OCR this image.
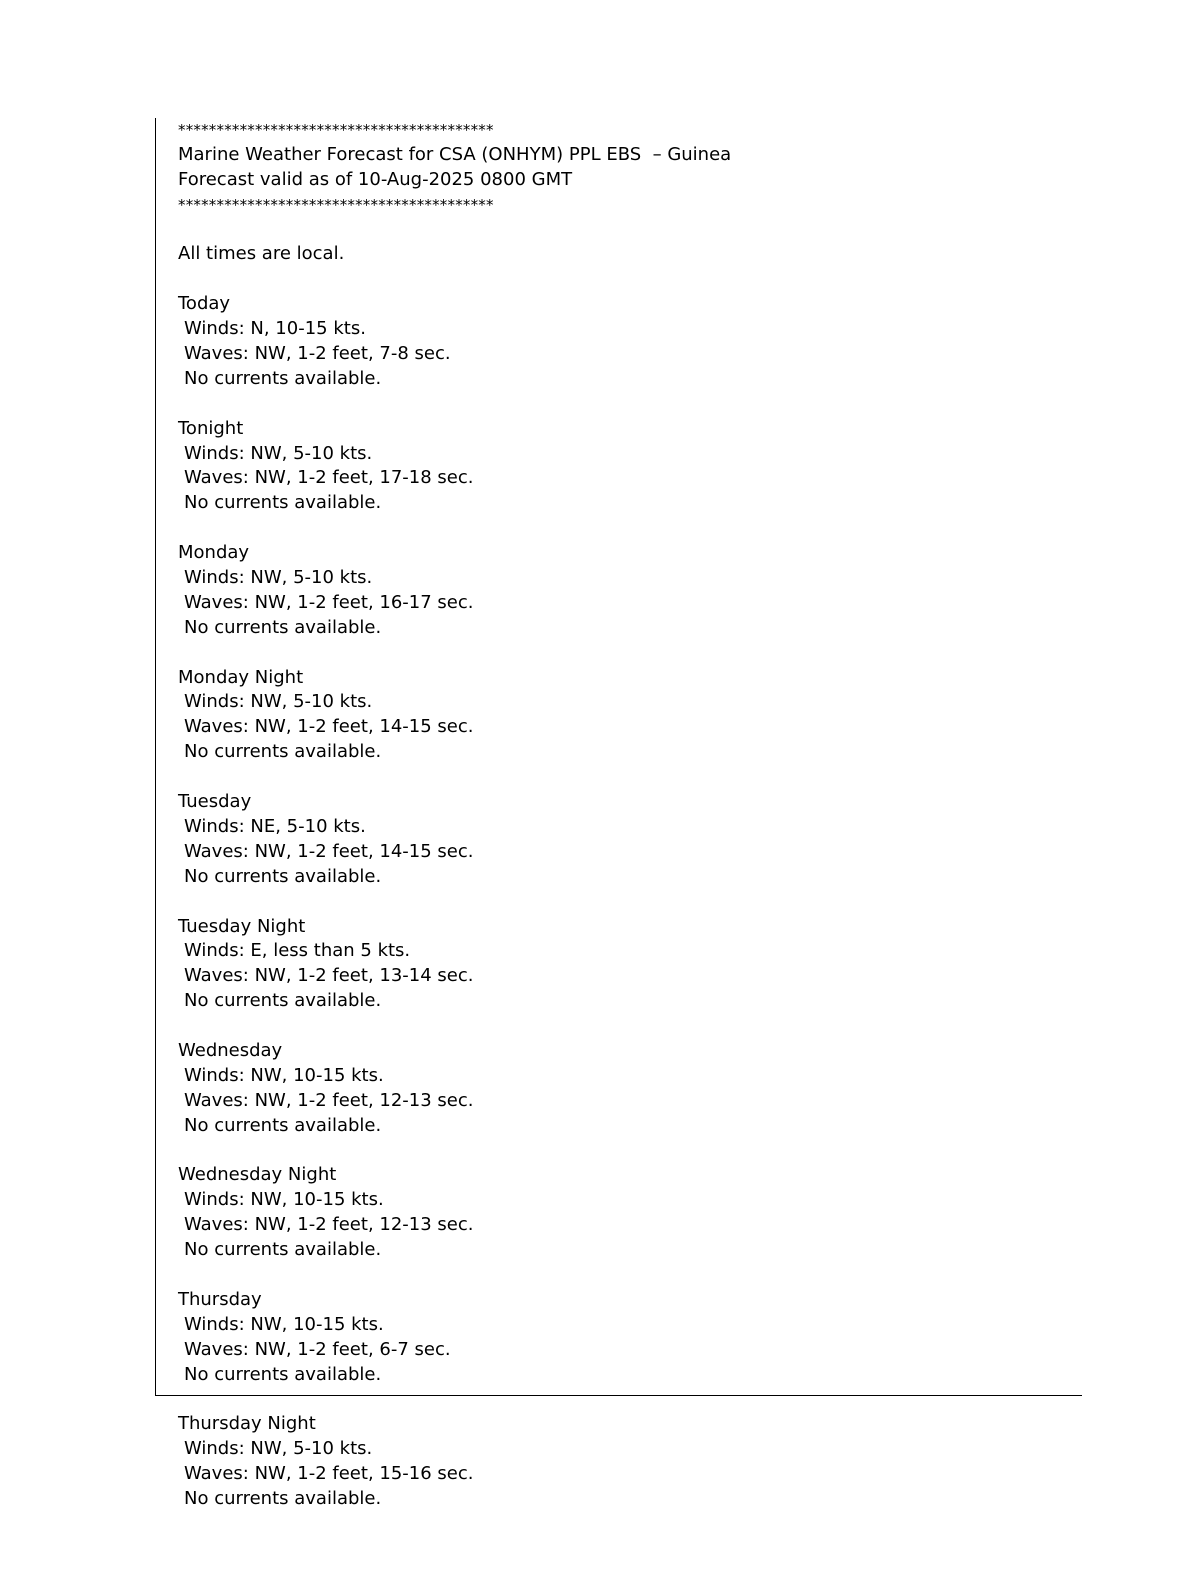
*****************************************
Marine Weather Forecast for CSA (ONHYM) PPL EBS  – Guinea
Forecast valid as of 10-Aug-2025 0800 GMT
*****************************************
All times are local.
Today
Winds: N, 10-15 kts.
Waves: NW, 1-2 feet, 7-8 sec.
No currents available.
Tonight
Winds: NW, 5-10 kts.
Waves: NW, 1-2 feet, 17-18 sec.
No currents available.
Monday
Winds: NW, 5-10 kts.
Waves: NW, 1-2 feet, 16-17 sec.
No currents available.
Monday Night
Winds: NW, 5-10 kts.
Waves: NW, 1-2 feet, 14-15 sec.
No currents available.
Tuesday
Winds: NE, 5-10 kts.
Waves: NW, 1-2 feet, 14-15 sec.
No currents available.
Tuesday Night
Winds: E, less than 5 kts.
Waves: NW, 1-2 feet, 13-14 sec.
No currents available.
Wednesday
Winds: NW, 10-15 kts.
Waves: NW, 1-2 feet, 12-13 sec.
No currents available.
Wednesday Night
Winds: NW, 10-15 kts.
Waves: NW, 1-2 feet, 12-13 sec.
No currents available.
Thursday
Winds: NW, 10-15 kts.
Waves: NW, 1-2 feet, 6-7 sec.
No currents available.
Thursday Night
Winds: NW, 5-10 kts.
Waves: NW, 1-2 feet, 15-16 sec.
No currents available.
